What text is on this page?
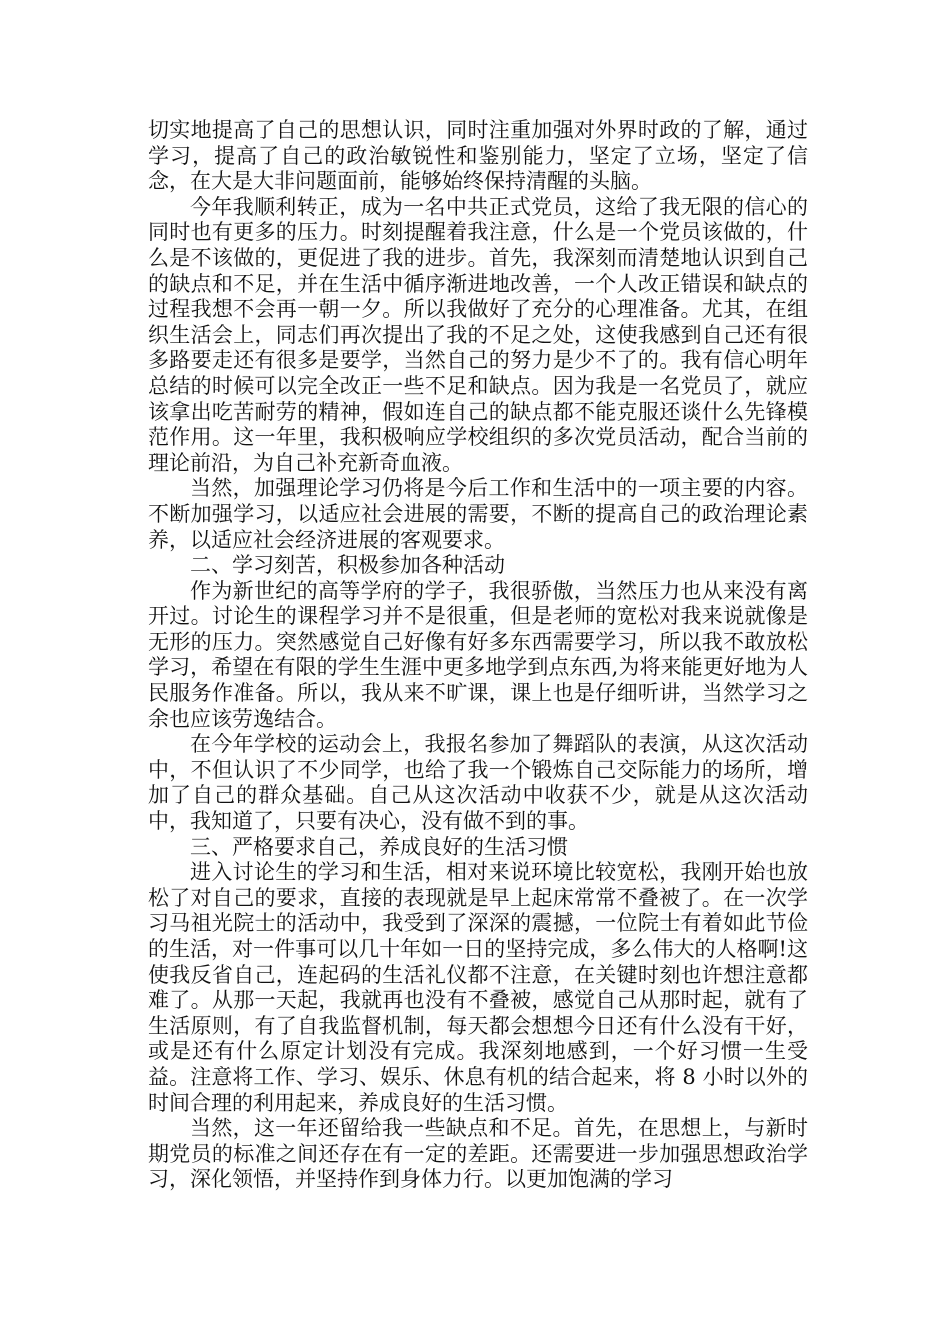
切实地提高了自己的思想认识，同时注重加强对外界时政的了解，通过学习，提高了自己的政治敏锐性和鉴别能力，坚定了立场，坚定了信念，在大是大非问题面前，能够始终保持清醒的头脑。

今年我顺利转正，成为一名中共正式党员，这给了我无限的信心的同时也有更多的压力。时刻提醒着我注意，什么是一个党员该做的，什么是不该做的，更促进了我的进步。首先，我深刻而清楚地认识到自己的缺点和不足，并在生活中循序渐进地改善，一个人改正错误和缺点的过程我想不会再一朝一夕。所以我做好了充分的心理准备。尤其，在组织生活会上，同志们再次提出了我的不足之处，这使我感到自己还有很多路要走还有很多是要学，当然自己的努力是少不了的。我有信心明年总结的时候可以完全改正一些不足和缺点。因为我是一名党员了，就应该拿出吃苦耐劳的精神，假如连自己的缺点都不能克服还谈什么先锋模范作用。这一年里，我积极响应学校组织的多次党员活动，配合当前的理论前沿，为自己补充新奇血液。

当然，加强理论学习仍将是今后工作和生活中的一项主要的内容。不断加强学习，以适应社会进展的需要，不断的提高自己的政治理论素养，以适应社会经济进展的客观要求。

二、学习刻苦，积极参加各种活动

作为新世纪的高等学府的学子，我很骄傲，当然压力也从来没有离开过。讨论生的课程学习并不是很重，但是老师的宽松对我来说就像是无形的压力。突然感觉自己好像有好多东西需要学习，所以我不敢放松学习，希望在有限的学生生涯中更多地学到点东西,为将来能更好地为人民服务作准备。所以，我从来不旷课，课上也是仔细听讲，当然学习之余也应该劳逸结合。

在今年学校的运动会上，我报名参加了舞蹈队的表演，从这次活动中，不但认识了不少同学，也给了我一个锻炼自己交际能力的场所，增加了自己的群众基础。自己从这次活动中收获不少，就是从这次活动中，我知道了，只要有决心，没有做不到的事。

三、严格要求自己，养成良好的生活习惯

进入讨论生的学习和生活，相对来说环境比较宽松，我刚开始也放松了对自己的要求，直接的表现就是早上起床常常不叠被了。在一次学习马祖光院士的活动中，我受到了深深的震撼，一位院士有着如此节俭的生活，对一件事可以几十年如一日的坚持完成，多么伟大的人格啊!这使我反省自己，连起码的生活礼仪都不注意，在关键时刻也许想注意都难了。从那一天起，我就再也没有不叠被，感觉自己从那时起，就有了生活原则，有了自我监督机制，每天都会想想今日还有什么没有干好，或是还有什么原定计划没有完成。我深刻地感到，一个好习惯一生受益。注意将工作、学习、娱乐、休息有机的结合起来，将 8 小时以外的时间合理的利用起来，养成良好的生活习惯。

当然，这一年还留给我一些缺点和不足。首先，在思想上，与新时期党员的标准之间还存在有一定的差距。还需要进一步加强思想政治学习，深化领悟，并坚持作到身体力行。以更加饱满的学习
